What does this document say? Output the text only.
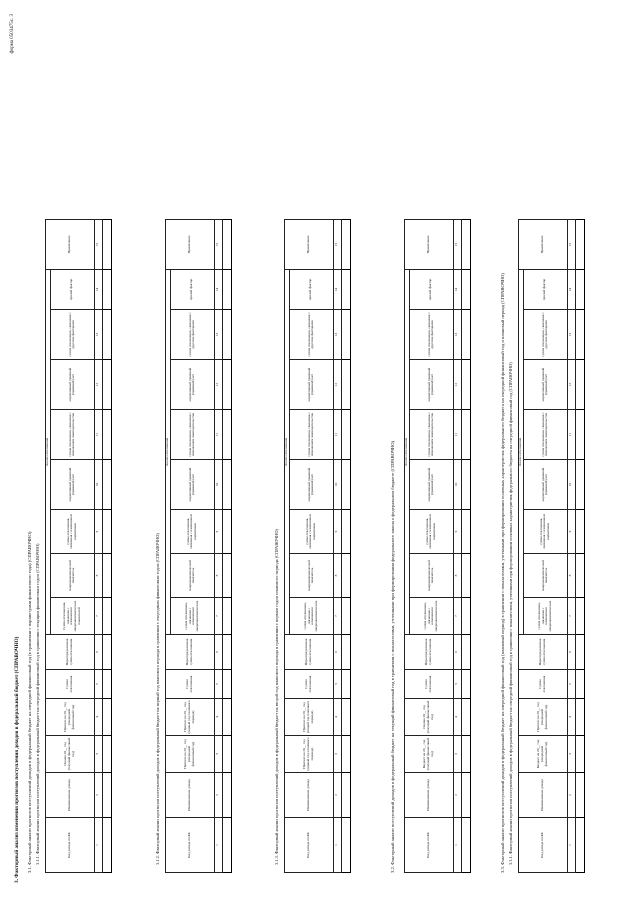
форма 0503475с. 3
3. Факторный анализ изменения прогнозов поступления доходов в федеральный бюджет (СПРАВОЧНО) 3.1. Факторный анализ прогнозов поступлений доходов в федеральный бюджет на очередной финансовый год (в сравнении с параметрами финансового года) (СПРАВОЧНО) 3.1.1. Факторный анализ прогнозов поступлений доходов в федеральный бюджет на очередной финансовый год в сравнении с текущим финансовым годом (СПРАВОЧНО)	3.1.2. Факторный анализ прогнозов поступлений доходов в федеральный бюджет на первый год планового периода в сравнении с очередным финансовым годом (СПРАВОЧНО)	3.1.3. Факторный анализ прогнозов поступлений доходов в федеральный бюджет на второй год планового периода в сравнении с первым годом планового периода (СПРАВОЧНО)	3.2. Факторный анализ поступлений доходов в федеральный бюджет на текущий финансовый год в сравнении с показателями, учтенными при формировании федерального закона о федеральном бюджете (СПРАВОЧНО)	3.3. Факторный анализ прогнозов поступлений доходов в федеральный бюджет на очередной финансовый год (плановый период) в сравнении с показателями, учтенными при формировании основных характеристик федерального бюджета на очередной финансовый год и плановый период (СПРАВОЧНО) 3.3.1. Факторный анализ прогнозов поступлений доходов в федеральный бюджет на очередной финансовый год в сравнении с показателями, учтенными при формировании основных характеристик федерального бюджета на очередной финансовый год (СПРАВОЧНО)
Код дохода по БК	Наименование дохода	Оценка 20__ год (текущий финансовый год)	Прогноз на 20__ год (очередной финансовый год)	Сумма отклонения	Нераспределенная сумма отклонения	Анализ отклонения								Примечание
						Сумма отклонения, связанная с изменением макроэкономических показателей	макроэкономический показатель	сумма отклонения, связанная с изменением нормативов	нормативный правовой (правовой) акт	сумма отклонения, связанная с изменением законодательства	нормативный правовой (правовой) акт	сумма отклонения, связанная с другими факторами	прочий фактор	
1	2	3	4	5	6	7	8	9	10	11	12	13	14	15

Код дохода по БК	Наименование дохода	Прогноз на 20__ год (очередной финансовый год)	Прогноз на 20__ год (первый год планового периода)	Сумма отклонения	Нераспределенная сумма отклонения	Анализ отклонения								Примечание
						сумма отклонения, связанная с изменением макроэкономических	макроэкономический показатель	сумма отклонения, связанная с изменением нормативов	нормативный правовой (правовой) акт	сумма отклонения, связанная с изменением законодательства	нормативный правовой (правовой) акт	сумма отклонения, связанная с другими факторами	прочий фактор	
1	2	3	4	5	6	7	8	9	10	11	12	13	14	15

Код дохода по БК	Наименование дохода	Прогноз на 20__ год (первый год планового периода)	Прогноз на 20__ год (второй год планового периода)	Сумма отклонения	Нераспределенная сумма отклонения	Анализ отклонения								Примечание
						сумма отклонения, связанная с изменением макроэкономических	макроэкономический показатель	сумма отклонения, связанная с изменением нормативов	нормативный правовой (правовой) акт	сумма отклонения, связанная с изменением законодательства	нормативный правовой (правовой) акт	сумма отклонения, связанная с другими факторами	прочий фактор	
1	2	3	4	5	6	7	8	9	10	11	12	13	14	15

Код дохода по БК	Наименование дохода	Бюджет на 20__ год (текущий финансовый год)	Оценка 20__ год (текущий финансовый год)	Сумма отклонения	Нераспределенная сумма отклонения	Анализ отклонения								Примечание
						сумма отклонения, связанная с изменением макроэкономических	макроэкономический показатель	сумма отклонения, связанная с изменением нормативов	нормативный правовой (правовой) акт	сумма отклонения, связанная с изменением законодательства	нормативный правовой (правовой) акт	сумма отклонения, связанная с другими факторами	прочий фактор	
1	2	3	4	5	6	7	8	9	10	11	12	13	14	15

Код дохода по БК	Наименование дохода	Бюджет на 20__ год (очередной финансовый год)	Прогноз на 20__ год (очередной финансовый год)	Сумма отклонения	Нераспределенная сумма отклонения	Анализ отклонения								Примечание
						сумма отклонения, связанная с изменением макроэкономических	макроэкономический показатель	сумма отклонения, связанная с изменением нормативов	нормативный правовой (правовой) акт	сумма отклонения, связанная с изменением законодательства	нормативный правовой (правовой) акт	сумма отклонения, связанная с другими факторами	прочий фактор	
1	2	3	4	5	6	7	8	9	10	11	12	13	14	15
